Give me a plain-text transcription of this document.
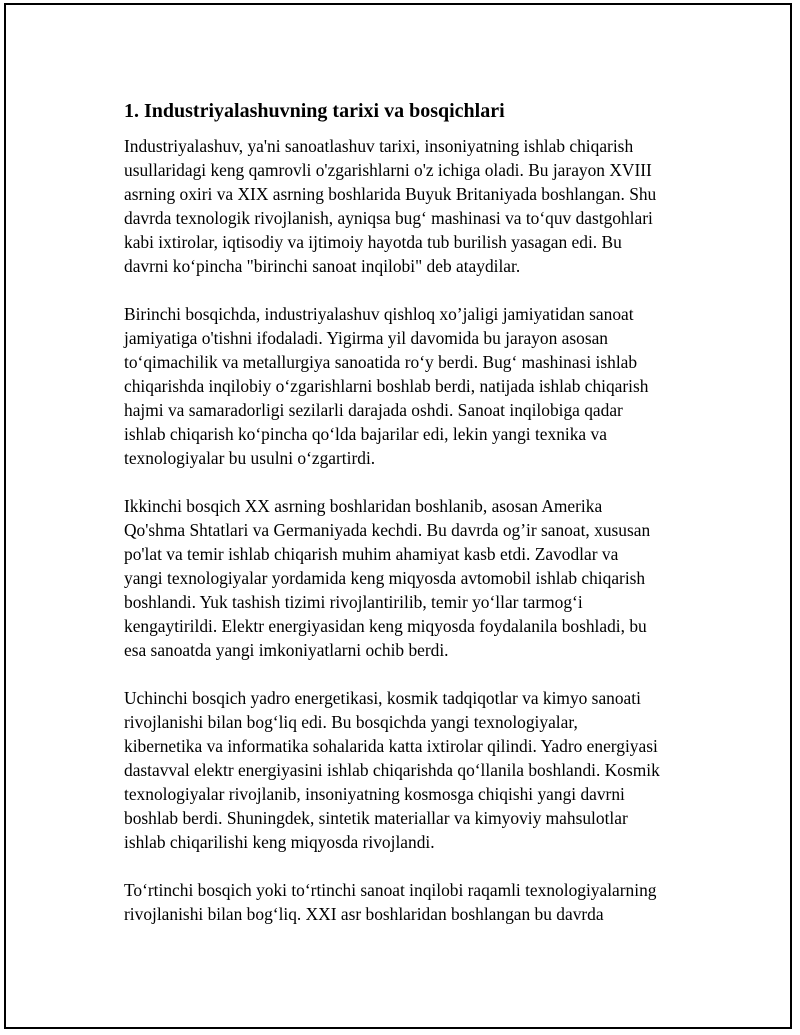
1. Industriyalashuvning tarixi va bosqichlari
Industriyalashuv, ya'ni sanoatlashuv tarixi, insoniyatning ishlab chiqarish
usullaridagi keng qamrovli o'zgarishlarni o'z ichiga oladi. Bu jarayon XVIII
asrning oxiri va XIX asrning boshlarida Buyuk Britaniyada boshlangan. Shu
davrda texnologik rivojlanish, ayniqsa bug‘ mashinasi va to‘quv dastgohlari
kabi ixtirolar, iqtisodiy va ijtimoiy hayotda tub burilish yasagan edi. Bu
davrni ko‘pincha "birinchi sanoat inqilobi" deb ataydilar.
Birinchi bosqichda, industriyalashuv qishloq xo’jaligi jamiyatidan sanoat
jamiyatiga o'tishni ifodaladi. Yigirma yil davomida bu jarayon asosan
to‘qimachilik va metallurgiya sanoatida ro‘y berdi. Bug‘ mashinasi ishlab
chiqarishda inqilobiy o‘zgarishlarni boshlab berdi, natijada ishlab chiqarish
hajmi va samaradorligi sezilarli darajada oshdi. Sanoat inqilobiga qadar
ishlab chiqarish ko‘pincha qo‘lda bajarilar edi, lekin yangi texnika va
texnologiyalar bu usulni o‘zgartirdi.
Ikkinchi bosqich XX asrning boshlaridan boshlanib, asosan Amerika
Qo'shma Shtatlari va Germaniyada kechdi. Bu davrda og’ir sanoat, xususan
po'lat va temir ishlab chiqarish muhim ahamiyat kasb etdi. Zavodlar va
yangi texnologiyalar yordamida keng miqyosda avtomobil ishlab chiqarish
boshlandi. Yuk tashish tizimi rivojlantirilib, temir yo‘llar tarmog‘i
kengaytirildi. Elektr energiyasidan keng miqyosda foydalanila boshladi, bu
esa sanoatda yangi imkoniyatlarni ochib berdi.
Uchinchi bosqich yadro energetikasi, kosmik tadqiqotlar va kimyo sanoati
rivojlanishi bilan bog‘liq edi. Bu bosqichda yangi texnologiyalar,
kibernetika va informatika sohalarida katta ixtirolar qilindi. Yadro energiyasi
dastavval elektr energiyasini ishlab chiqarishda qo‘llanila boshlandi. Kosmik
texnologiyalar rivojlanib, insoniyatning kosmosga chiqishi yangi davrni
boshlab berdi. Shuningdek, sintetik materiallar va kimyoviy mahsulotlar
ishlab chiqarilishi keng miqyosda rivojlandi.
To‘rtinchi bosqich yoki to‘rtinchi sanoat inqilobi raqamli texnologiyalarning
rivojlanishi bilan bog‘liq. XXI asr boshlaridan boshlangan bu davrda
